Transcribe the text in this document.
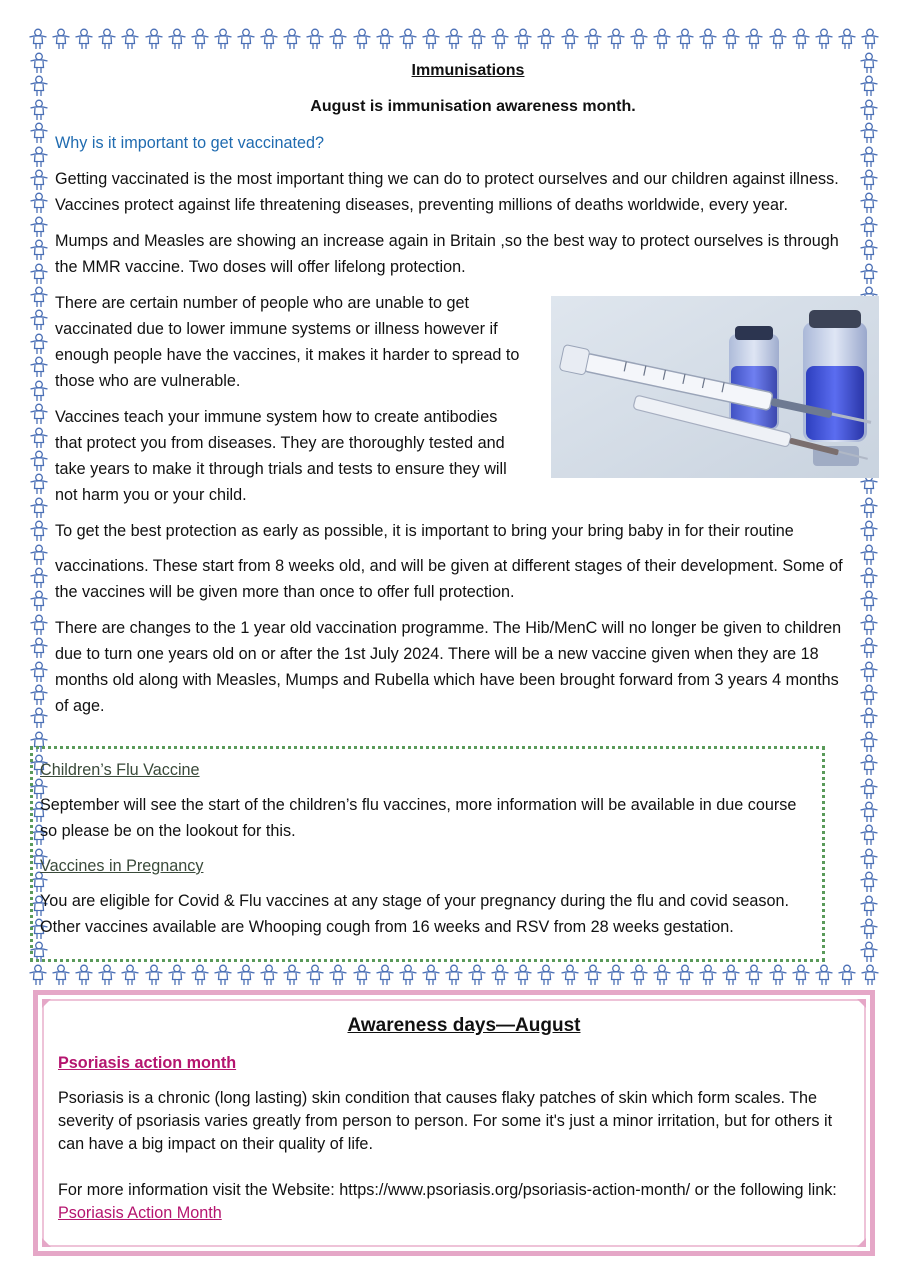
Immunisations
August is immunisation awareness month.
Why is it important to get vaccinated?

Getting vaccinated is the most important thing we can do to protect ourselves and our children against illness. Vaccines protect against life threatening diseases, preventing millions of deaths worldwide, every year.

Mumps and Measles are showing an increase again in Britain ,so the best way to protect ourselves is through the MMR vaccine. Two doses will offer lifelong protection.

There are certain number of people who are unable to get vaccinated due to lower immune systems or illness however if enough people have the vaccines, it makes it harder to spread to those who are vulnerable.

Vaccines teach your immune system how to create antibodies that protect you from diseases. They are thoroughly tested and take years to make it through trials and tests to ensure they will not harm you or your child.

To get the best protection as early as possible, it is important to bring your bring baby in for their routine

vaccinations. These start from 8 weeks old, and will be given at different stages of their development. Some of the vaccines will be given more than once to offer full protection.

There are changes to the 1 year old vaccination programme. The Hib/MenC will no longer be given to children due to turn one years old on or after the 1st July 2024. There will be a new vaccine given when they are 18 months old along with Measles, Mumps and Rubella which have been brought forward from 3 years 4 months of age.

Children’s Flu Vaccine

September will see the start of the children’s flu vaccines, more information will be available in due course so please be on the lookout for this.

Vaccines in Pregnancy

You are eligible for Covid & Flu vaccines at any stage of your pregnancy during the flu and covid season. Other vaccines available are Whooping cough from 16 weeks and RSV from 28 weeks gestation.

Awareness days—August
Psoriasis action month

Psoriasis is a chronic (long lasting) skin condition that causes flaky patches of skin which form scales. The severity of psoriasis varies greatly from person to person. For some it's just a minor irritation, but for others it can have a big impact on their quality of life.

For more information visit the Website: https://www.psoriasis.org/psoriasis-action-month/ or the following link: Psoriasis Action Month
